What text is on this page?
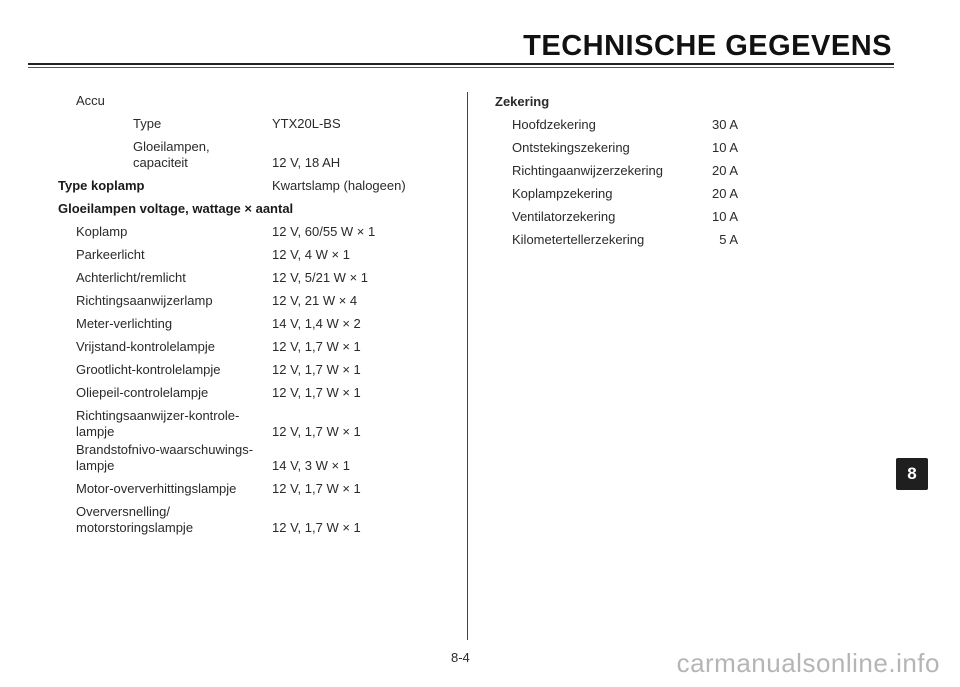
TECHNISCHE GEGEVENS
Accu
Type	YTX20L-BS
Gloeilampen,
capaciteit	12 V, 18 AH
Type koplamp	Kwartslamp (halogeen)
Gloeilampen voltage, wattage × aantal
Koplamp	12 V, 60/55 W × 1
Parkeerlicht	12 V, 4 W × 1
Achterlicht/remlicht	12 V, 5/21 W × 1
Richtingsaanwijzerlamp	12 V, 21 W × 4
Meter-verlichting	14 V, 1,4 W × 2
Vrijstand-kontrolelampje	12 V, 1,7 W × 1
Grootlicht-kontrolelampje	12 V, 1,7 W × 1
Oliepeil-controlelampje	12 V, 1,7 W × 1
Richtingsaanwijzer-kontrole-
lampje	12 V, 1,7 W × 1
Brandstofnivo-waarschuwings-
lampje	14 V, 3 W × 1
Motor-oververhittingslampje	12 V, 1,7 W × 1
Overversnelling/
motorstoringslampje	12 V, 1,7 W × 1
Zekering
Hoofdzekering	30 A
Ontstekingszekering	10 A
Richtingaanwijzerzekering	20 A
Koplampzekering	20 A
Ventilatorzekering	10 A
Kilometertellerzekering	5 A
8-4
8
carmanualsonline.info
